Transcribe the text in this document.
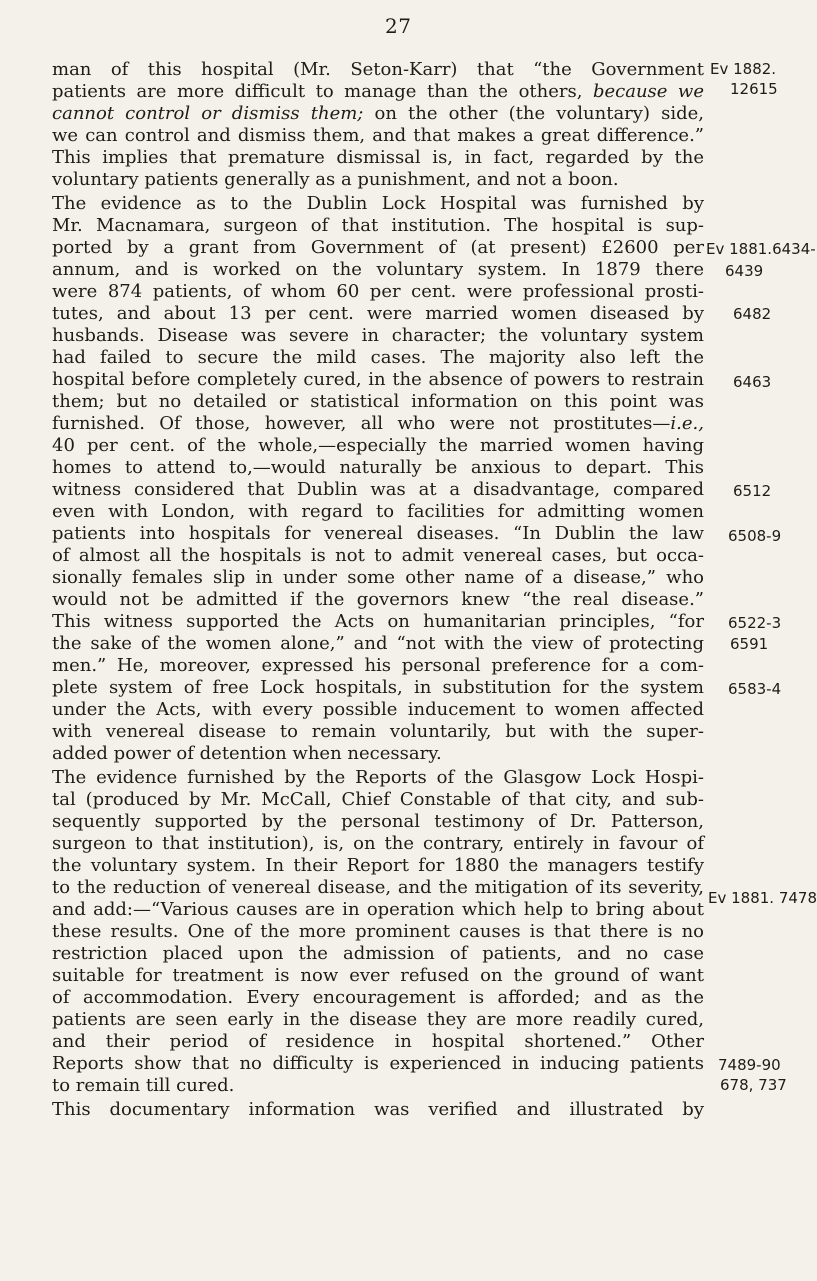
27
man of this hospital (Mr. Seton-Karr) that “the Government
patients are more difficult to manage than the others, because we
cannot control or dismiss them; on the other (the voluntary) side,
we can control and dismiss them, and that makes a great difference.”
This implies that premature dismissal is, in fact, regarded by the
voluntary patients generally as a punishment, and not a boon.
The evidence as to the Dublin Lock Hospital was furnished by
Mr. Macnamara, surgeon of that institution. The hospital is sup-
ported by a grant from Government of (at present) £2600 per
annum, and is worked on the voluntary system. In 1879 there
were 874 patients, of whom 60 per cent. were professional prosti-
tutes, and about 13 per cent. were married women diseased by
husbands. Disease was severe in character; the voluntary system
had failed to secure the mild cases. The majority also left the
hospital before completely cured, in the absence of powers to restrain
them; but no detailed or statistical information on this point was
furnished. Of those, however, all who were not prostitutes—i.e.,
40 per cent. of the whole,—especially the married women having
homes to attend to,—would naturally be anxious to depart. This
witness considered that Dublin was at a disadvantage, compared
even with London, with regard to facilities for admitting women
patients into hospitals for venereal diseases. “In Dublin the law
of almost all the hospitals is not to admit venereal cases, but occa-
sionally females slip in under some other name of a disease,” who
would not be admitted if the governors knew “the real disease.”
This witness supported the Acts on humanitarian principles, “for
the sake of the women alone,” and “not with the view of protecting
men.” He, moreover, expressed his personal preference for a com-
plete system of free Lock hospitals, in substitution for the system
under the Acts, with every possible inducement to women affected
with venereal disease to remain voluntarily, but with the super-
added power of detention when necessary.
The evidence furnished by the Reports of the Glasgow Lock Hospi-
tal (produced by Mr. McCall, Chief Constable of that city, and sub-
sequently supported by the personal testimony of Dr. Patterson,
surgeon to that institution), is, on the contrary, entirely in favour of
the voluntary system. In their Report for 1880 the managers testify
to the reduction of venereal disease, and the mitigation of its severity,
and add:—“Various causes are in operation which help to bring about
these results. One of the more prominent causes is that there is no
restriction placed upon the admission of patients, and no case
suitable for treatment is now ever refused on the ground of want
of accommodation. Every encouragement is afforded; and as the
patients are seen early in the disease they are more readily cured,
and their period of residence in hospital shortened.” Other
Reports show that no difficulty is experienced in inducing patients
to remain till cured.
This documentary information was verified and illustrated by
Ev 1882.
12615
Ev 1881.6434-
6439
6482
6463
6512
6508-9
6522-3
6591
6583-4
Ev 1881. 7478
7489-90
678, 737
